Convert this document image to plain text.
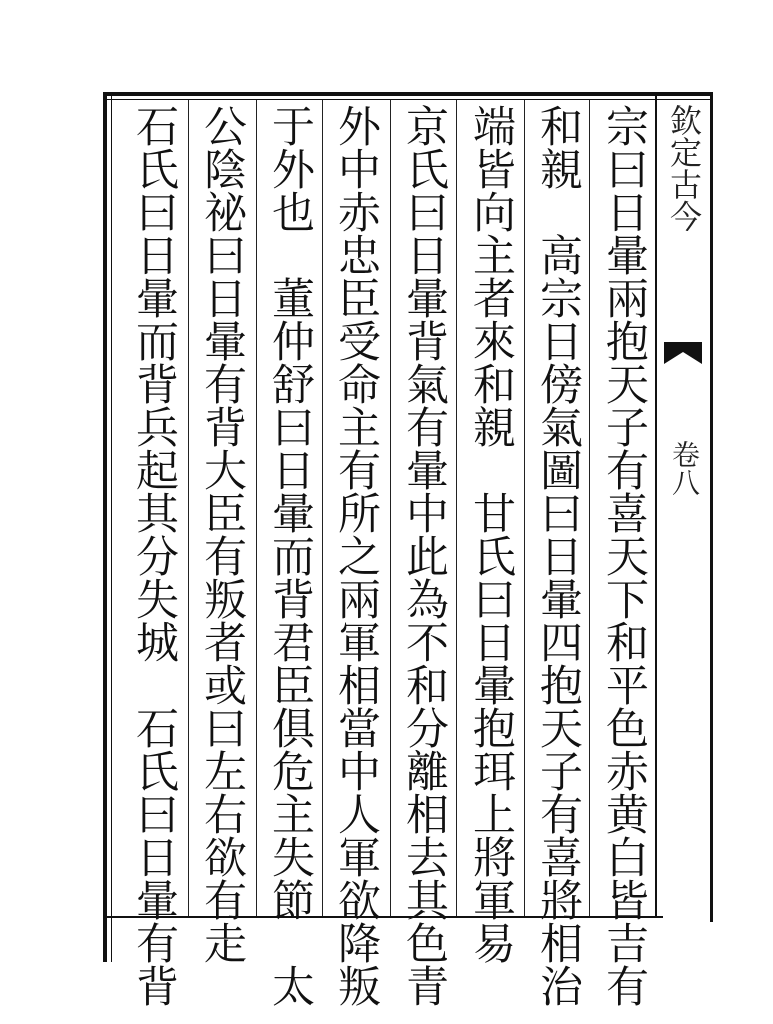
欽定古今
卷八
宗曰日暈兩抱天子有喜天下和平色赤黄白皆吉有
和親　高宗日傍氣圖曰日暈四抱天子有喜將相治
端皆向主者來和親　甘氏曰日暈抱珥上將軍易
京氏曰日暈背氣有暈中此為不和分離相去其色青
外中赤忠臣受命主有所之兩軍相當中人軍欲降叛
于外也　董仲舒曰日暈而背君臣俱危主失節　太
公陰祕曰日暈有背大臣有叛者或曰左右欲有走
石氏曰日暈而背兵起其分失城　石氏曰日暈有背
